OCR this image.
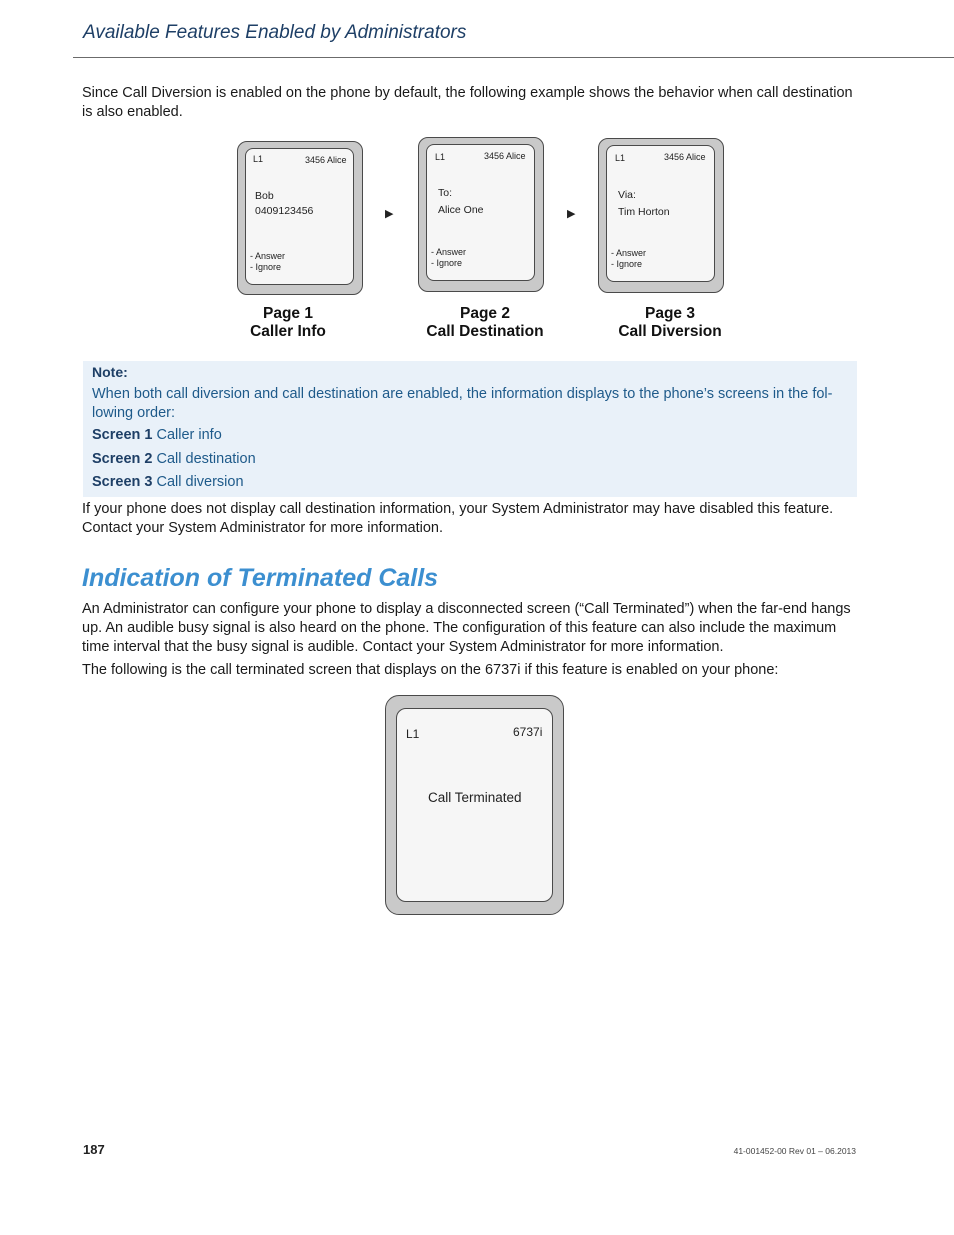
Available Features Enabled by Administrators
Since Call Diversion is enabled on the phone by default, the following example shows the behavior when call destination is also enabled.
L1	3456 Alice
Bob
0409123456
- Answer
- Ignore
▶
L1	3456 Alice
To:
Alice One
- Answer
- Ignore
▶
L1	3456 Alice
Via:
Tim Horton
- Answer
- Ignore
Page 1
Caller Info
Page 2
Call Destination
Page 3
Call Diversion
Note:
When both call diversion and call destination are enabled, the information displays to the phone’s screens in the fol-lowing order:
Screen 1 Caller info
Screen 2 Call destination
Screen 3 Call diversion
If your phone does not display call destination information, your System Administrator may have disabled this feature. Contact your System Administrator for more information.
Indication of Terminated Calls
An Administrator can configure your phone to display a disconnected screen (“Call Terminated”) when the far-end hangs up. An audible busy signal is also heard on the phone. The configuration of this feature can also include the maximum time interval that the busy signal is audible. Contact your System Administrator for more information.
The following is the call terminated screen that displays on the 6737i if this feature is enabled on your phone:
L1	6737i
Call Terminated
187	41-001452-00 Rev 01 – 06.2013
